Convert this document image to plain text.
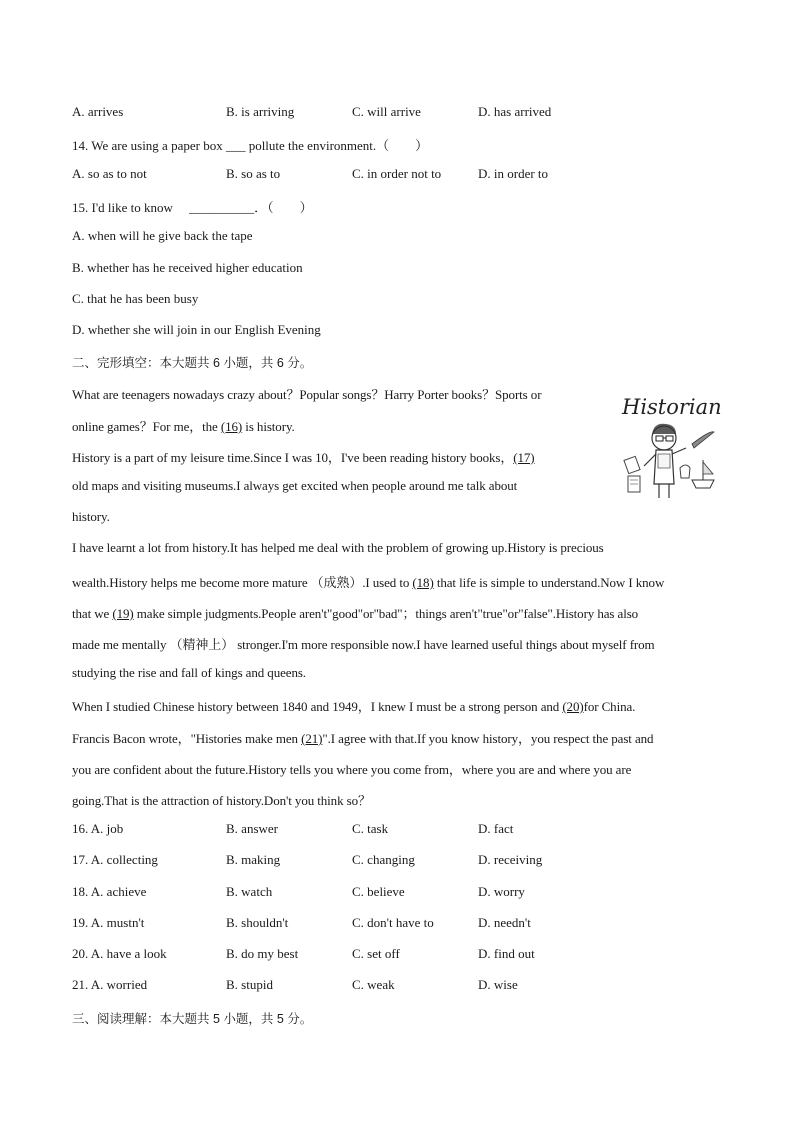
A. arrives	B. is arriving	C. will arrive	D. has arrived
14. We are using a paper box ___ pollute the environment.（　　）
A. so as to not	B. so as to	C. in order not to	D. in order to
15. I'd like to know　 __________．（　　）
A. when will he give back the tape
B. whether has he received higher education
C. that he has been busy
D. whether she will join in our English Evening
二、完形填空：本大题共 6 小题，共 6 分。
What are teenagers nowadays crazy about？Popular songs？Harry Porter books？Sports or
online games？For me，the (16) is history.
History is a part of my leisure time.Since I was 10，I've been reading history books，(17)
old maps and visiting museums.I always get excited when people around me talk about
history.
I have learnt a lot from history.It has helped me deal with the problem of growing up.History is precious
wealth.History helps me become more mature （成熟）.I used to (18) that life is simple to understand.Now I know
that we (19) make simple judgments.People aren't"good"or"bad"；things aren't"true"or"false".History has also
made me mentally （精神上） stronger.I'm more responsible now.I have learned useful things about myself from
studying the rise and fall of kings and queens.
When I studied Chinese history between 1840 and 1949，I knew I must be a strong person and (20)for China.
Francis Bacon wrote，"Histories make men (21)".I agree with that.If you know history，you respect the past and
you are confident about the future.History tells you where you come from，where you are and where you are
going.That is the attraction of history.Don't you think so？
Historian
16. A. job	B. answer	C. task	D. fact
17. A. collecting	B. making	C. changing	D. receiving
18. A. achieve	B. watch	C. believe	D. worry
19. A. mustn't	B. shouldn't	C. don't have to	D. needn't
20. A. have a look	B. do my best	C. set off	D. find out
21. A. worried	B. stupid	C. weak	D. wise
三、阅读理解：本大题共 5 小题，共 5 分。
